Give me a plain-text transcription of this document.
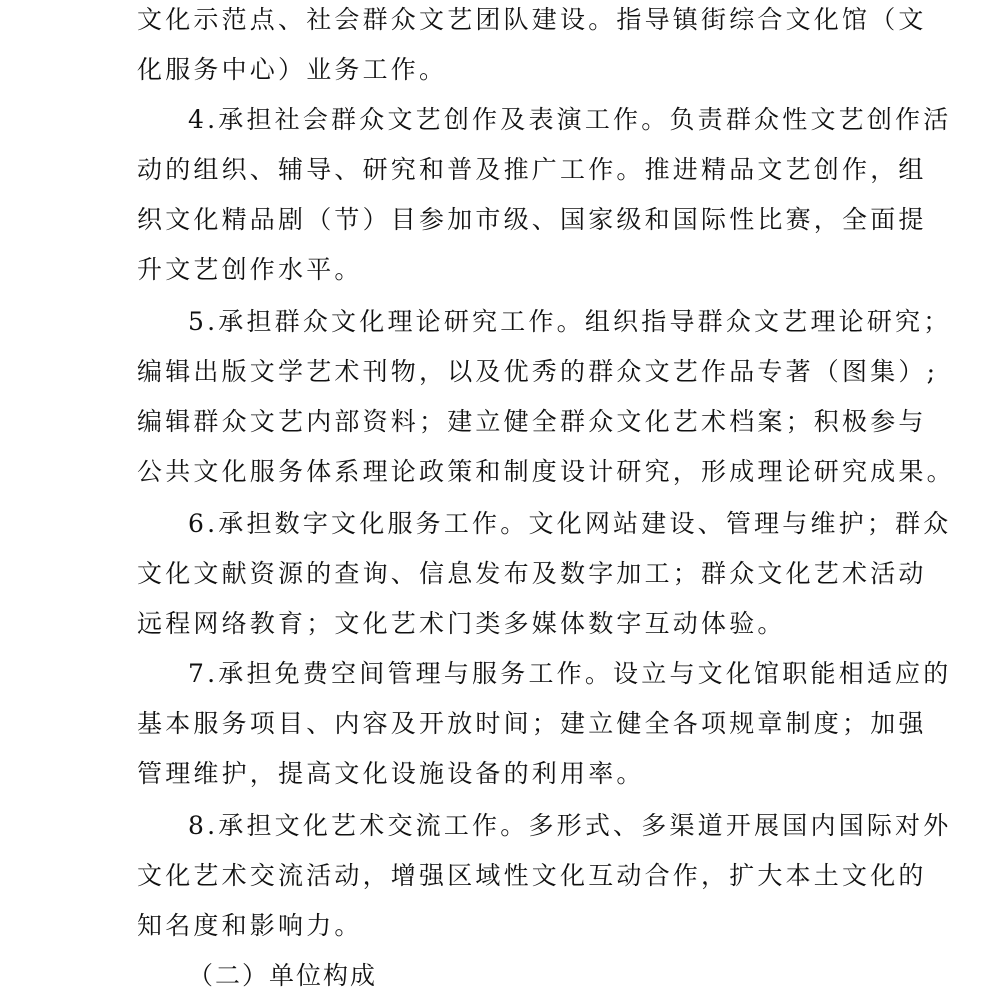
文化示范点、社会群众文艺团队建设。指导镇街综合文化馆（文
化服务中心）业务工作。
4.承担社会群众文艺创作及表演工作。负责群众性文艺创作活
动的组织、辅导、研究和普及推广工作。推进精品文艺创作，组
织文化精品剧（节）目参加市级、国家级和国际性比赛，全面提
升文艺创作水平。
5.承担群众文化理论研究工作。组织指导群众文艺理论研究；
编辑出版文学艺术刊物，以及优秀的群众文艺作品专著（图集）;
编辑群众文艺内部资料；建立健全群众文化艺术档案；积极参与
公共文化服务体系理论政策和制度设计研究，形成理论研究成果。
6.承担数字文化服务工作。文化网站建设、管理与维护；群众
文化文献资源的查询、信息发布及数字加工；群众文化艺术活动
远程网络教育；文化艺术门类多媒体数字互动体验。
7.承担免费空间管理与服务工作。设立与文化馆职能相适应的
基本服务项目、内容及开放时间；建立健全各项规章制度；加强
管理维护，提高文化设施设备的利用率。
8.承担文化艺术交流工作。多形式、多渠道开展国内国际对外
文化艺术交流活动，增强区域性文化互动合作，扩大本土文化的
知名度和影响力。
（二）单位构成
